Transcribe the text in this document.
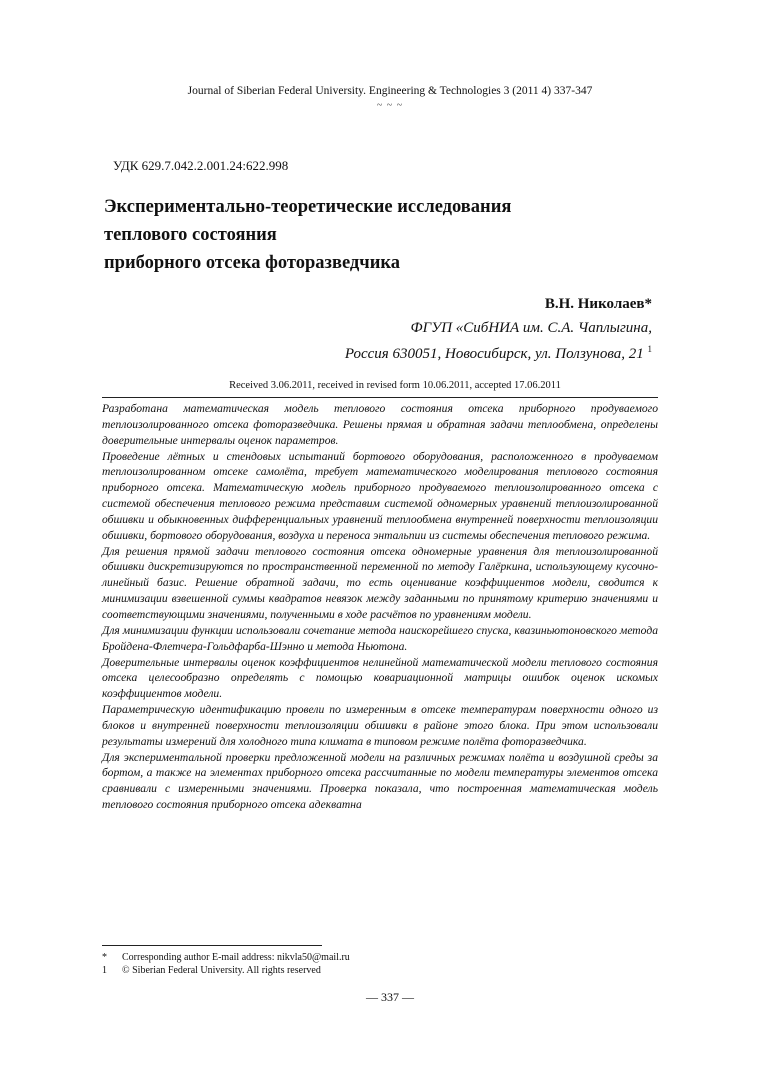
Journal of Siberian Federal University. Engineering & Technologies 3 (2011 4) 337-347
~ ~ ~
УДК 629.7.042.2.001.24:622.998
Экспериментально-теоретические исследования
теплового состояния
приборного отсека фоторазведчика
В.Н. Николаев*
ФГУП «СибНИА им. С.А. Чаплыгина,
Россия 630051, Новосибирск, ул. Ползунова, 21 $^1$
Received 3.06.2011, received in revised form 10.06.2011, accepted 17.06.2011

Разработана математическая модель теплового состояния отсека приборного продуваемого теплоизолированного отсека фоторазведчика. Решены прямая и обратная задачи теплообмена, определены доверительные интервалы оценок параметров.

Проведение лётных и стендовых испытаний бортового оборудования, расположенного в продуваемом теплоизолированном отсеке самолёта, требует математического моделирования теплового состояния приборного отсека. Математическую модель приборного продуваемого теплоизолированного отсека с системой обеспечения теплового режима представим системой одномерных уравнений теплоизолированной обшивки и обыкновенных дифференциальных уравнений теплообмена внутренней поверхности теплоизоляции обшивки, бортового оборудования, воздуха и переноса энтальпии из системы обеспечения теплового режима.

Для решения прямой задачи теплового состояния отсека одномерные уравнения для теплоизолированной обшивки дискретизируются по пространственной переменной по методу Галёркина, использующему кусочно-линейный базис. Решение обратной задачи, то есть оценивание коэффициентов модели, сводится к минимизации взвешенной суммы квадратов невязок между заданными по принятому критерию значениями и соответствующими значениями, полученными в ходе расчётов по уравнениям модели.

Для минимизации функции использовали сочетание метода наискорейшего спуска, квазиньютоновского метода Бройдена-Флетчера-Гольдфарба-Шэнно и метода Ньютона.

Доверительные интервалы оценок коэффициентов нелинейной математической модели теплового состояния отсека целесообразно определять с помощью ковариационной матрицы ошибок оценок искомых коэффициентов модели.

Параметрическую идентификацию провели по измеренным в отсеке температурам поверхности одного из блоков и внутренней поверхности теплоизоляции обшивки в районе этого блока. При этом использовали результаты измерений для холодного типа климата в типовом режиме полёта фоторазведчика.

Для экспериментальной проверки предложенной модели на различных режимах полёта и воздушной среды за бортом, а также на элементах приборного отсека рассчитанные по модели температуры элементов отсека сравнивали с измеренными значениями. Проверка показала, что построенная математическая модель теплового состояния приборного отсека адекватна

* Corresponding author E-mail address: nikvla50@mail.ru
1 © Siberian Federal University. All rights reserved
— 337 —
